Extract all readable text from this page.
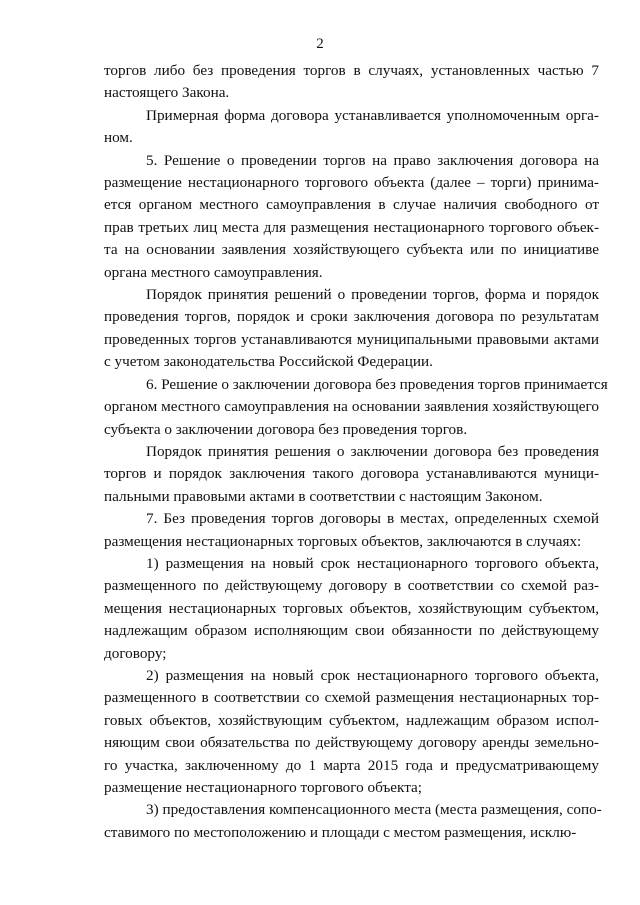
2
торгов либо без проведения торгов в случаях, установленных частью 7
настоящего Закона.
Примерная форма договора устанавливается уполномоченным орга-
ном.
5. Решение о проведении торгов на право заключения договора на
размещение нестационарного торгового объекта (далее – торги) принима-
ется органом местного самоуправления в случае наличия свободного от
прав третьих лиц места для размещения нестационарного торгового объек-
та на основании заявления хозяйствующего субъекта или по инициативе
органа местного самоуправления.
Порядок принятия решений о проведении торгов, форма и порядок
проведения торгов, порядок и сроки заключения договора по результатам
проведенных торгов устанавливаются муниципальными правовыми актами
с учетом законодательства Российской Федерации.
6. Решение о заключении договора без проведения торгов принимается
органом местного самоуправления на основании заявления хозяйствующего
субъекта о заключении договора без проведения торгов.
Порядок принятия решения о заключении договора без проведения
торгов и порядок заключения такого договора устанавливаются муници-
пальными правовыми актами в соответствии с настоящим Законом.
7. Без проведения торгов договоры в местах, определенных схемой
размещения нестационарных торговых объектов, заключаются в случаях:
1) размещения на новый срок нестационарного торгового объекта,
размещенного по действующему договору в соответствии со схемой раз-
мещения нестационарных торговых объектов, хозяйствующим субъектом,
надлежащим образом исполняющим свои обязанности по действующему
договору;
2) размещения на новый срок нестационарного торгового объекта,
размещенного в соответствии со схемой размещения нестационарных тор-
говых объектов, хозяйствующим субъектом, надлежащим образом испол-
няющим свои обязательства по действующему договору аренды земельно-
го участка, заключенному до 1 марта 2015 года и предусматривающему
размещение нестационарного торгового объекта;
3) предоставления компенсационного места (места размещения, сопо-
ставимого по местоположению и площади с местом размещения, исклю-
